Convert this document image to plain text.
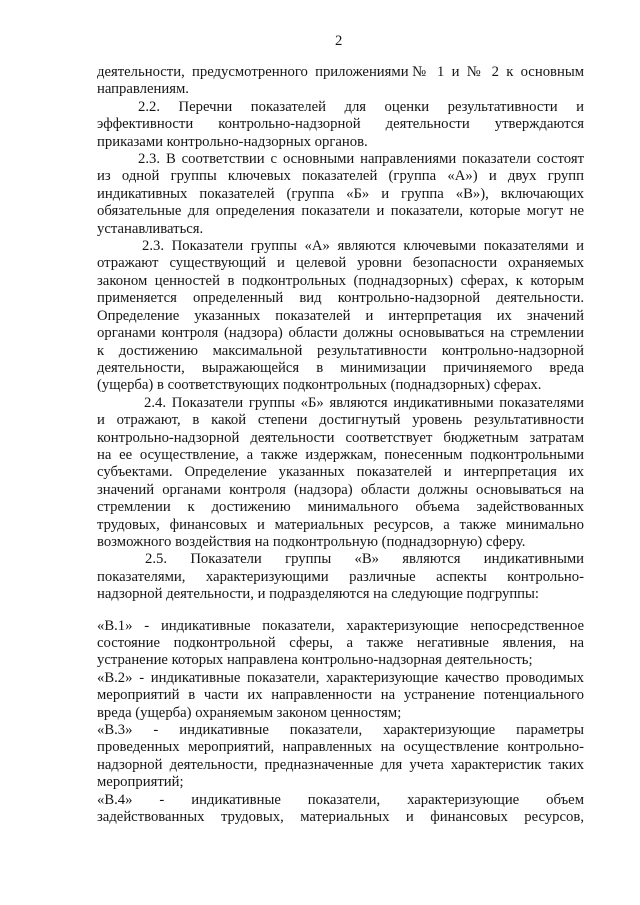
2
деятельности, предусмотренного приложениями№ 1 и № 2 к основным
направлениям.
2.2. Перечни показателей для оценки результативности и
эффективности контрольно-надзорной деятельности утверждаются
приказами контрольно-надзорных органов.
2.3. В соответствии с основными направлениями показатели состоят
из одной группы ключевых показателей (группа «А») и двух групп
индикативных показателей (группа «Б» и группа «В»), включающих
обязательные для определения показатели и показатели, которые могут не
устанавливаться.
2.3. Показатели группы «А» являются ключевыми показателями и
отражают существующий и целевой уровни безопасности охраняемых
законом ценностей в подконтрольных (поднадзорных) сферах, к которым
применяется определенный вид контрольно-надзорной деятельности.
Определение указанных показателей и интерпретация их значений
органами контроля (надзора) области должны основываться на стремлении
к достижению максимальной результативности контрольно-надзорной
деятельности, выражающейся в минимизации причиняемого вреда
(ущерба) в соответствующих подконтрольных (поднадзорных) сферах.
2.4. Показатели группы «Б» являются индикативными показателями
и отражают, в какой степени достигнутый уровень результативности
контрольно-надзорной деятельности соответствует бюджетным затратам
на ее осуществление, а также издержкам, понесенным подконтрольными
субъектами. Определение указанных показателей и интерпретация их
значений органами контроля (надзора) области должны основываться на
стремлении к достижению минимального объема задействованных
трудовых, финансовых и материальных ресурсов, а также минимально
возможного воздействия на подконтрольную (поднадзорную) сферу.
2.5. Показатели группы «В» являются индикативными
показателями, характеризующими различные аспекты контрольно-
надзорной деятельности, и подразделяются на следующие подгруппы:
«В.1» - индикативные показатели, характеризующие непосредственное
состояние подконтрольной сферы, а также негативные явления, на
устранение которых направлена контрольно-надзорная деятельность;
«В.2» - индикативные показатели, характеризующие качество проводимых
мероприятий в части их направленности на устранение потенциального
вреда (ущерба) охраняемым законом ценностям;
«В.3» - индикативные показатели, характеризующие параметры
проведенных мероприятий, направленных на осуществление контрольно-
надзорной деятельности, предназначенные для учета характеристик таких
мероприятий;
«В.4» - индикативные показатели, характеризующие объем
задействованных трудовых, материальных и финансовых ресурсов,
